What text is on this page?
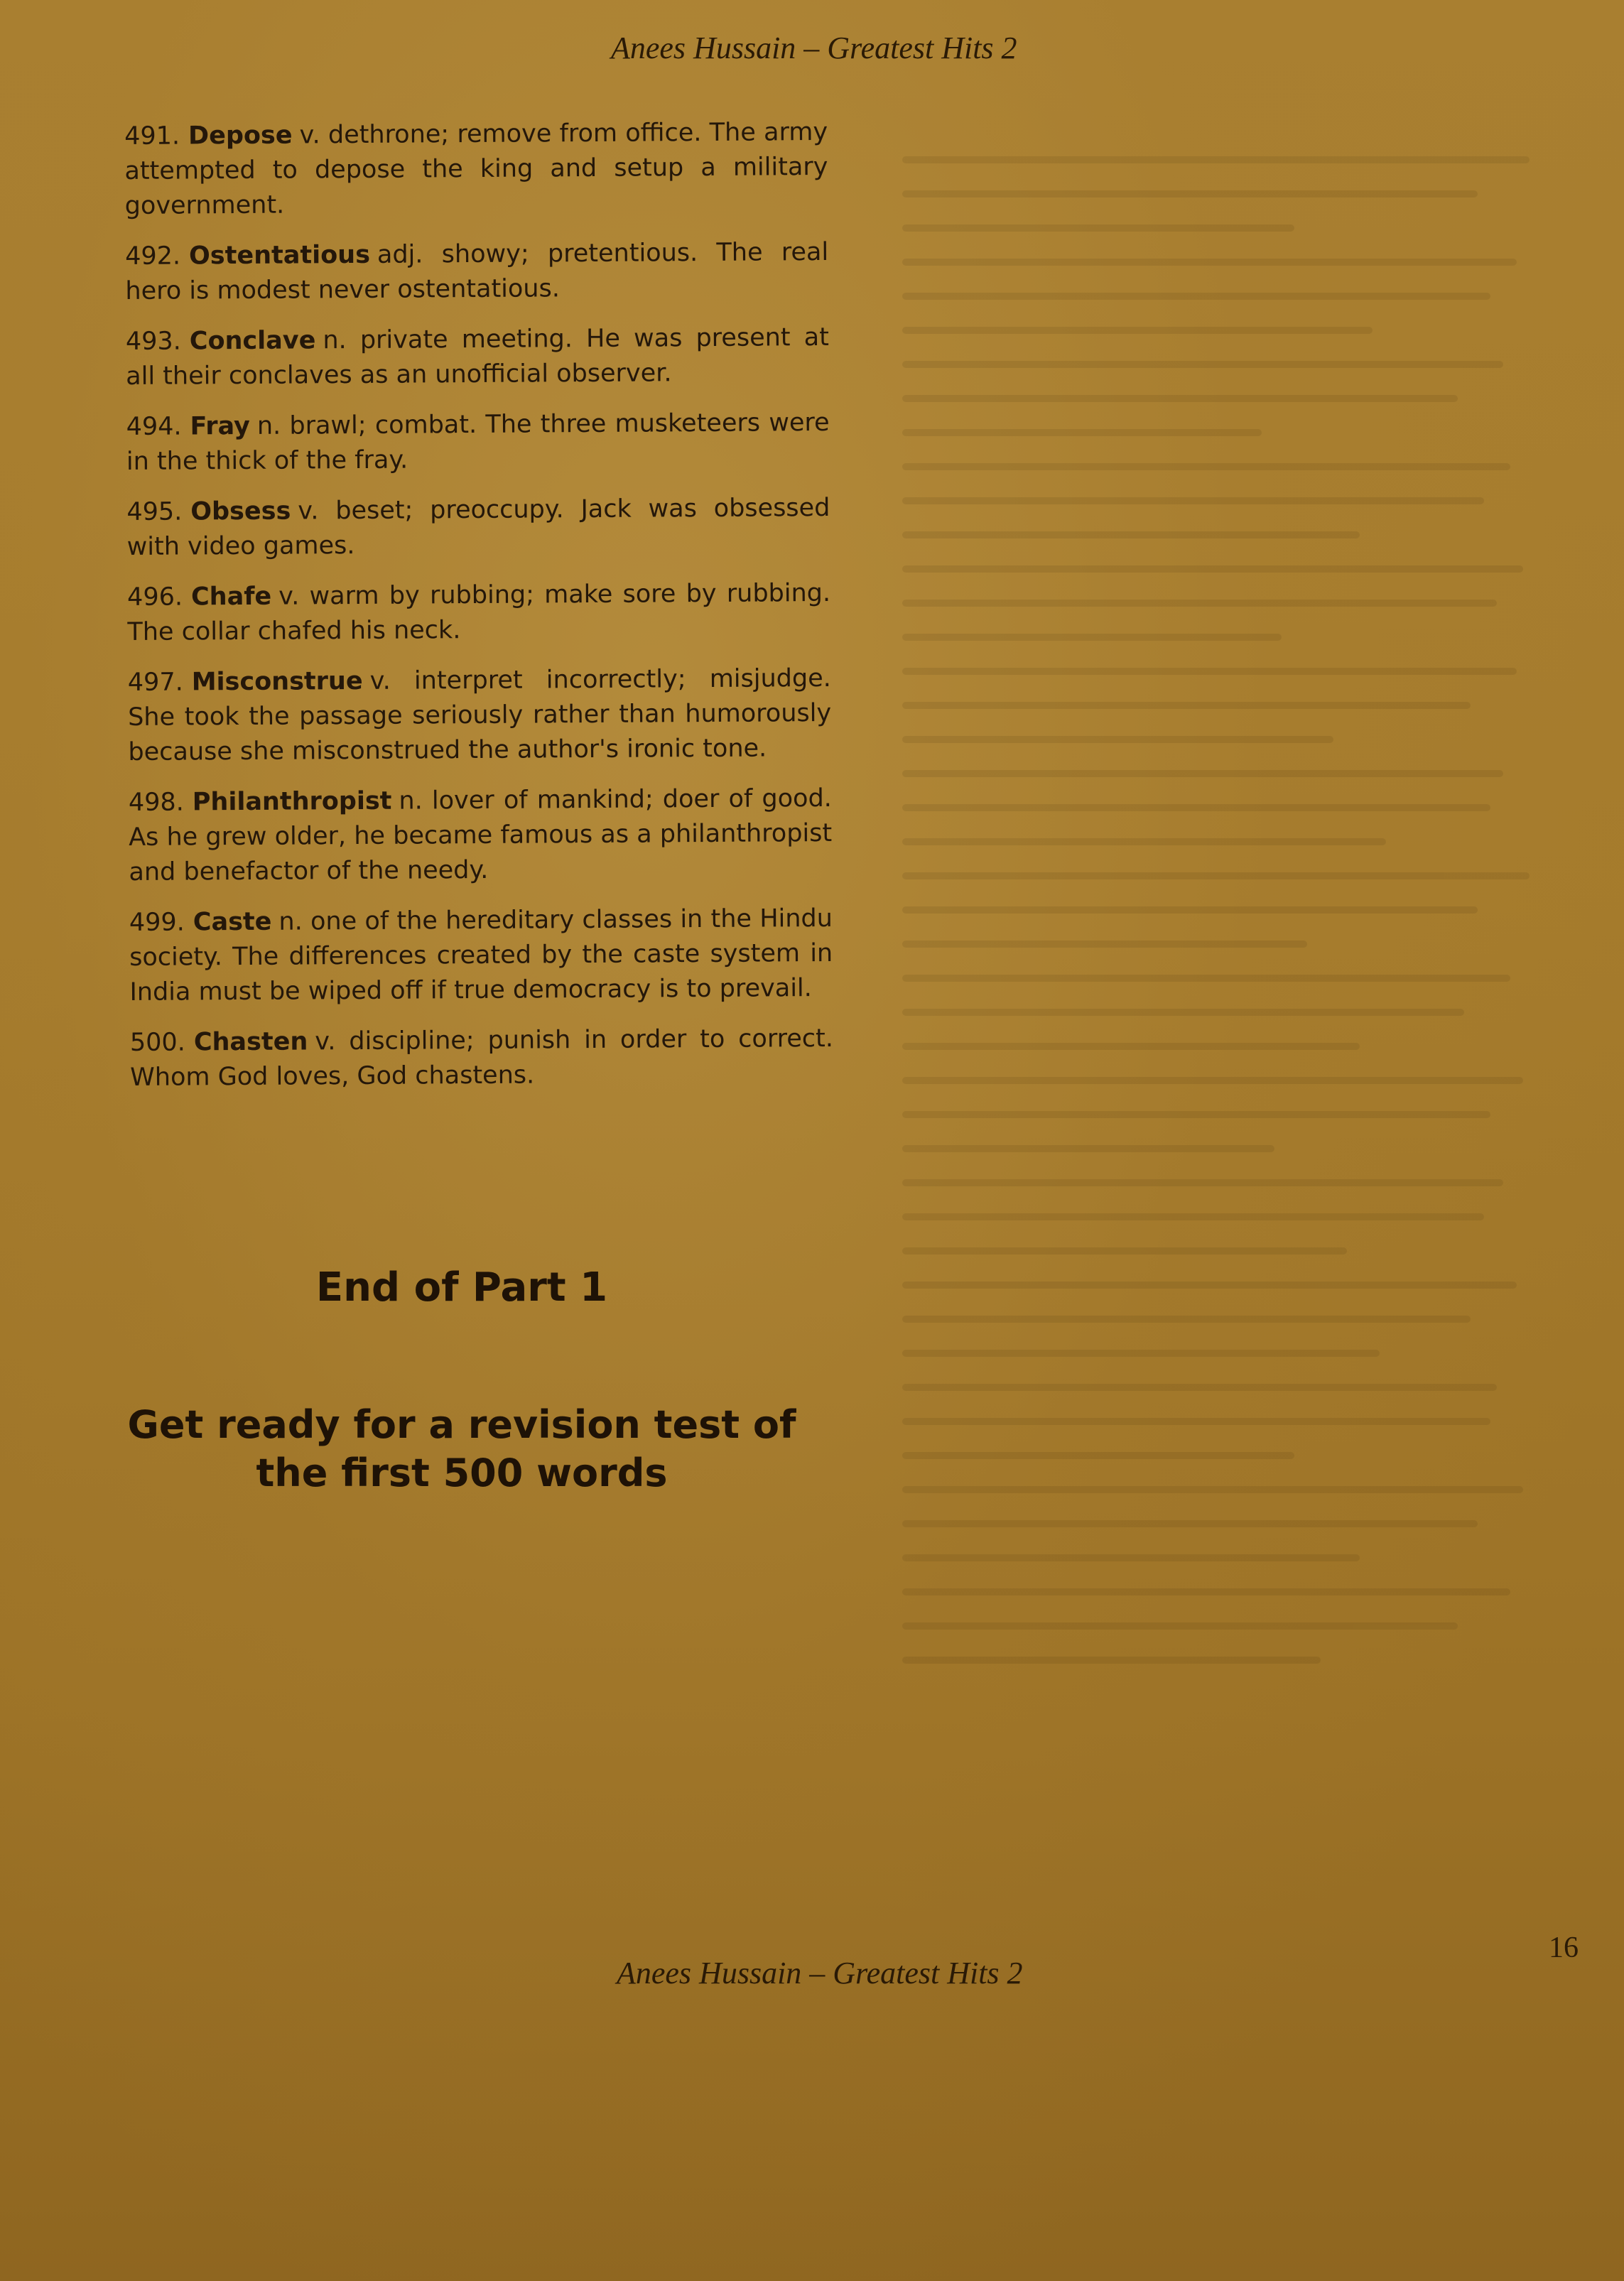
Anees Hussain – Greatest Hits 2

491. Depose v. dethrone; remove from office. The army attempted to depose the king and setup a military government.

492. Ostentatious adj. showy; pretentious. The real hero is modest never ostentatious.

493. Conclave n. private meeting. He was present at all their conclaves as an unofficial observer.

494. Fray n. brawl; combat. The three musketeers were in the thick of the fray.

495. Obsess v. beset; preoccupy. Jack was obsessed with video games.

496. Chafe v. warm by rubbing; make sore by rubbing. The collar chafed his neck.

497. Misconstrue v. interpret incorrectly; misjudge. She took the passage seriously rather than humorously because she misconstrued the author's ironic tone.

498. Philanthropist n. lover of mankind; doer of good. As he grew older, he became famous as a philanthropist and benefactor of the needy.

499. Caste n. one of the hereditary classes in the Hindu society. The differences created by the caste system in India must be wiped off if true democracy is to prevail.

500. Chasten v. discipline; punish in order to correct. Whom God loves, God chastens.

End of Part 1
Get ready for a revision test of
the first 500 words
16
Anees Hussain – Greatest Hits 2
